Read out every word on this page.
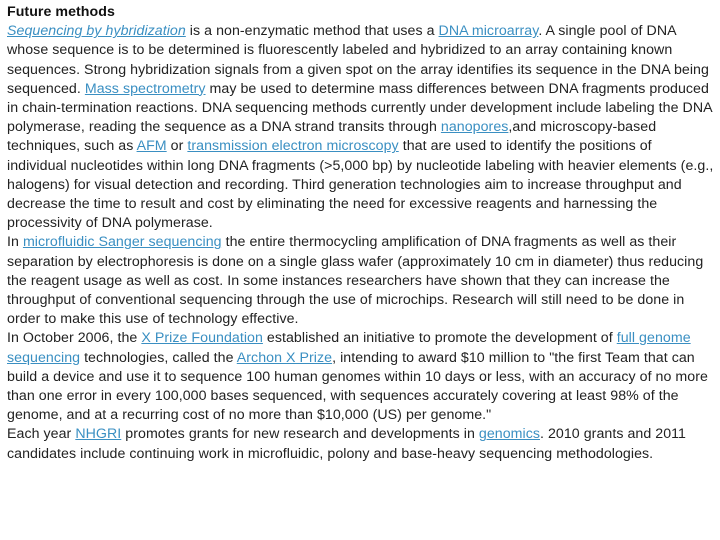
Future methods

Sequencing by hybridization is a non-enzymatic method that uses a DNA microarray. A single pool of DNA whose sequence is to be determined is fluorescently labeled and hybridized to an array containing known sequences. Strong hybridization signals from a given spot on the array identifies its sequence in the DNA being sequenced. Mass spectrometry may be used to determine mass differences between DNA fragments produced in chain-termination reactions. DNA sequencing methods currently under development include labeling the DNA polymerase, reading the sequence as a DNA strand transits through nanopores,and microscopy-based techniques, such as AFM or transmission electron microscopy that are used to identify the positions of individual nucleotides within long DNA fragments (>5,000 bp) by nucleotide labeling with heavier elements (e.g., halogens) for visual detection and recording. Third generation technologies aim to increase throughput and decrease the time to result and cost by eliminating the need for excessive reagents and harnessing the processivity of DNA polymerase.

In microfluidic Sanger sequencing the entire thermocycling amplification of DNA fragments as well as their separation by electrophoresis is done on a single glass wafer (approximately 10 cm in diameter) thus reducing the reagent usage as well as cost. In some instances researchers have shown that they can increase the throughput of conventional sequencing through the use of microchips. Research will still need to be done in order to make this use of technology effective.

In October 2006, the X Prize Foundation established an initiative to promote the development of full genome sequencing technologies, called the Archon X Prize, intending to award $10 million to "the first Team that can build a device and use it to sequence 100 human genomes within 10 days or less, with an accuracy of no more than one error in every 100,000 bases sequenced, with sequences accurately covering at least 98% of the genome, and at a recurring cost of no more than $10,000 (US) per genome."

Each year NHGRI promotes grants for new research and developments in genomics. 2010 grants and 2011 candidates include continuing work in microfluidic, polony and base-heavy sequencing methodologies.
